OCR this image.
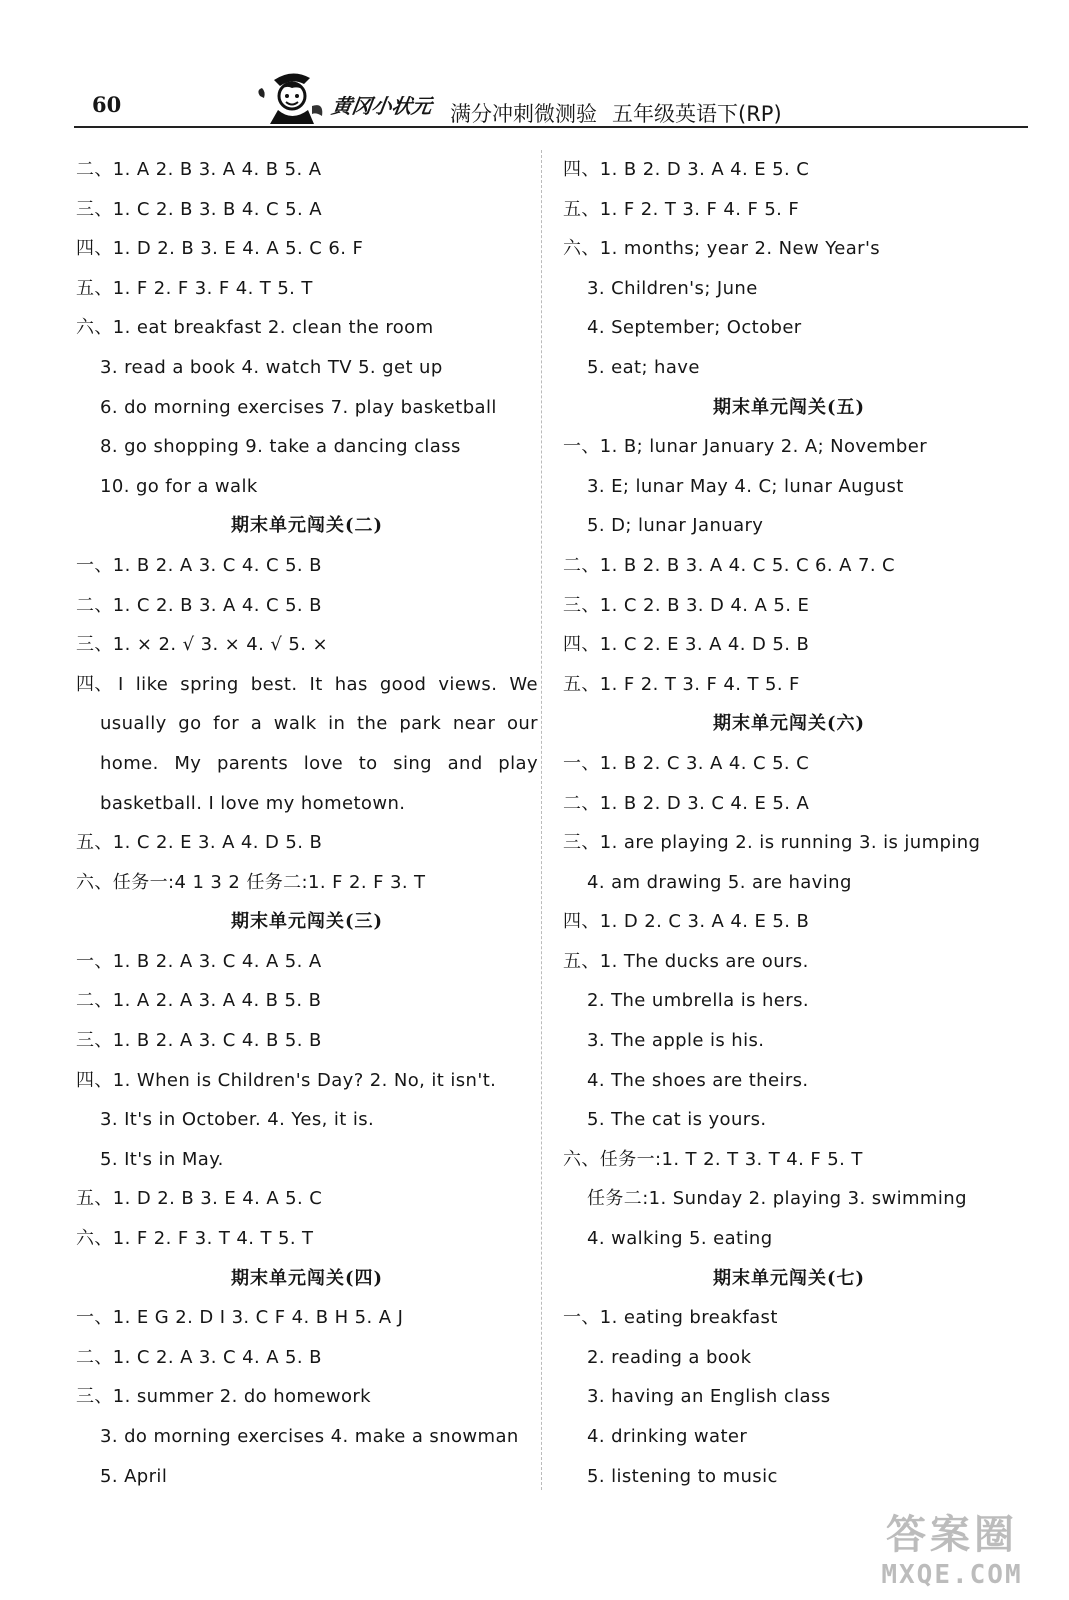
60	黄冈小状元 满分冲刺微测验 五年级英语下(RP)
二、1. A 2. B 3. A 4. B 5. A
三、1. C 2. B 3. B 4. C 5. A
四、1. D 2. B 3. E 4. A 5. C 6. F
五、1. F 2. F 3. F 4. T 5. T
六、1. eat breakfast 2. clean the room
3. read a book 4. watch TV 5. get up
6. do morning exercises 7. play basketball
8. go shopping 9. take a dancing class
10. go for a walk
期末单元闯关(二)
一、1. B 2. A 3. C 4. C 5. B
二、1. C 2. B 3. A 4. C 5. B
三、1. × 2. √ 3. × 4. √ 5. ×
四、 I like spring best. It has good views. We usually go for a walk in the park near our home. My parents love to sing and play basketball. I love my hometown.
五、1. C 2. E 3. A 4. D 5. B
六、任务一:4 1 3 2 任务二:1. F 2. F 3. T
期末单元闯关(三)
一、1. B 2. A 3. C 4. A 5. A
二、1. A 2. A 3. A 4. B 5. B
三、1. B 2. A 3. C 4. B 5. B
四、1. When is Children's Day? 2. No, it isn't.
3. It's in October. 4. Yes, it is.
5. It's in May.
五、1. D 2. B 3. E 4. A 5. C
六、1. F 2. F 3. T 4. T 5. T
期末单元闯关(四)
一、1. E G 2. D I 3. C F 4. B H 5. A J
二、1. C 2. A 3. C 4. A 5. B
三、1. summer 2. do homework
3. do morning exercises 4. make a snowman
5. April
四、1. B 2. D 3. A 4. E 5. C
五、1. F 2. T 3. F 4. F 5. F
六、1. months; year 2. New Year's
3. Children's; June
4. September; October
5. eat; have
期末单元闯关(五)
一、1. B; lunar January 2. A; November
3. E; lunar May 4. C; lunar August
5. D; lunar January
二、1. B 2. B 3. A 4. C 5. C 6. A 7. C
三、1. C 2. B 3. D 4. A 5. E
四、1. C 2. E 3. A 4. D 5. B
五、1. F 2. T 3. F 4. T 5. F
期末单元闯关(六)
一、1. B 2. C 3. A 4. C 5. C
二、1. B 2. D 3. C 4. E 5. A
三、1. are playing 2. is running 3. is jumping
4. am drawing 5. are having
四、1. D 2. C 3. A 4. E 5. B
五、1. The ducks are ours.
2. The umbrella is hers.
3. The apple is his.
4. The shoes are theirs.
5. The cat is yours.
六、任务一:1. T 2. T 3. T 4. F 5. T
任务二:1. Sunday 2. playing 3. swimming
4. walking 5. eating
期末单元闯关(七)
一、1. eating breakfast
2. reading a book
3. having an English class
4. drinking water
5. listening to music
答案圈
MXQE.COM
